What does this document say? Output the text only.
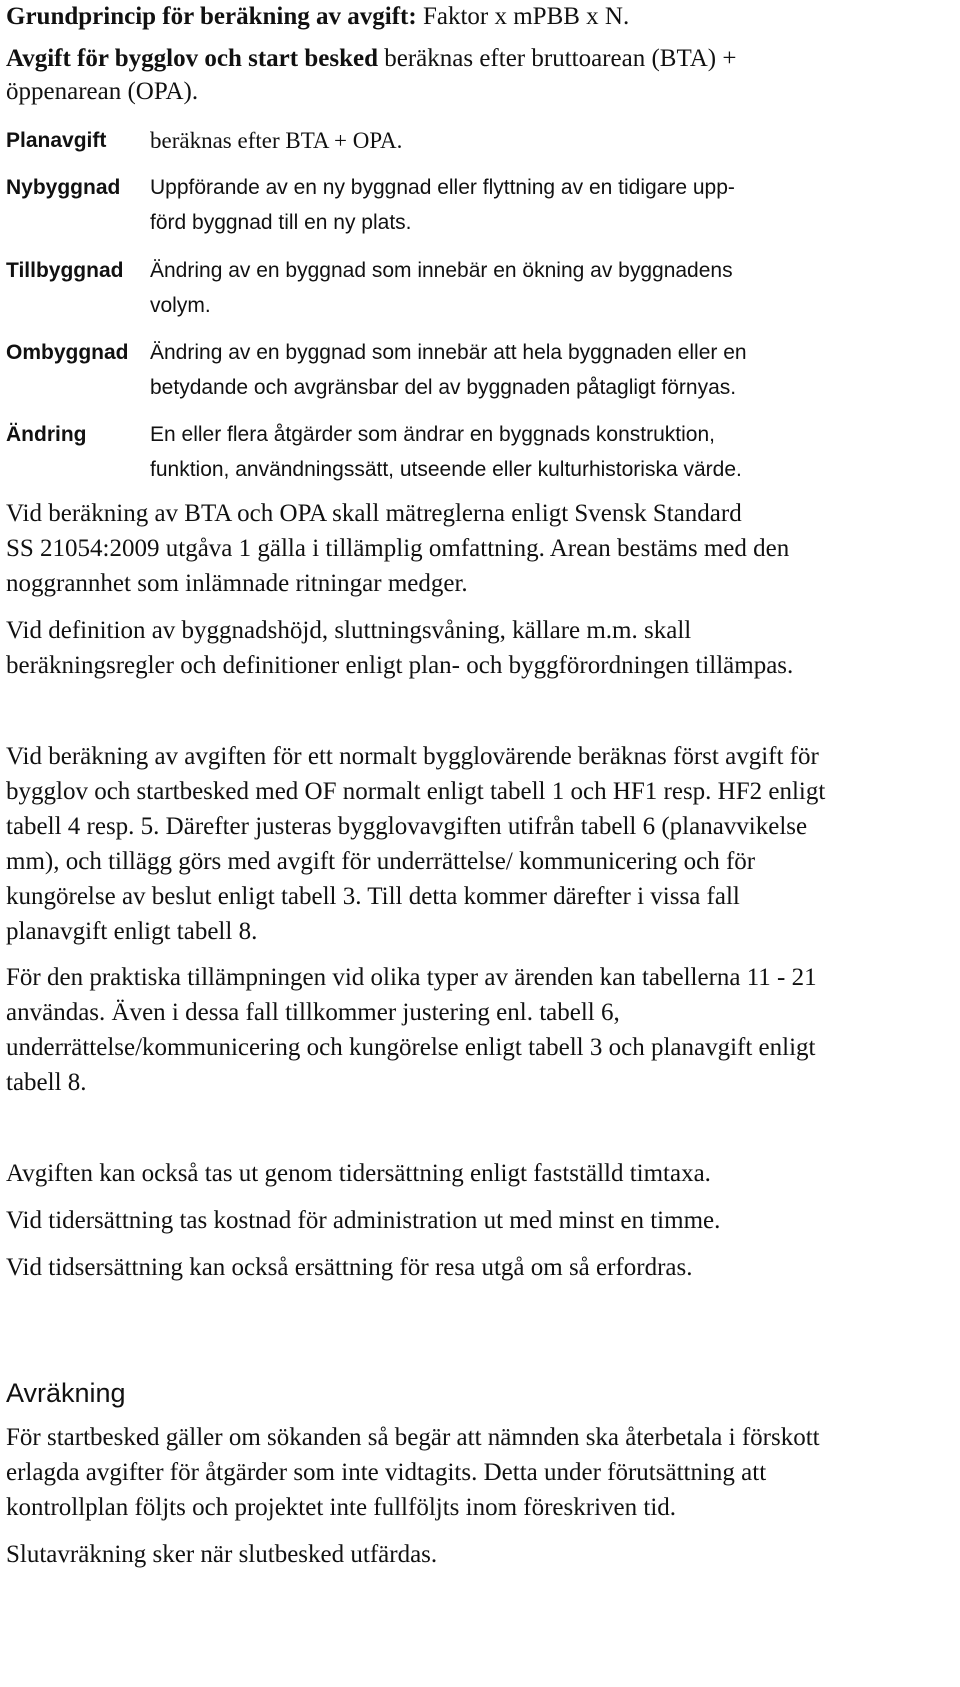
Grundprincip för beräkning av avgift: Faktor x mPBB x N.
Avgift för bygglov och start besked beräknas efter bruttoarean (BTA) +
öppenarean (OPA).
Planavgift beräknas efter BTA + OPA.
Nybyggnad Uppförande av en ny byggnad eller flyttning av en tidigare upp-
förd byggnad till en ny plats.
Tillbyggnad Ändring av en byggnad som innebär en ökning av byggnadens
volym.
Ombyggnad Ändring av en byggnad som innebär att hela byggnaden eller en
betydande och avgränsbar del av byggnaden påtagligt förnyas.
Ändring	En eller flera åtgärder som ändrar en byggnads konstruktion,
funktion, användningssätt, utseende eller kulturhistoriska värde.
Vid beräkning av BTA och OPA skall mätreglerna enligt Svensk Standard
SS 21054:2009 utgåva 1 gälla i tillämplig omfattning. Arean bestäms med den
noggrannhet som inlämnade ritningar medger.
Vid definition av byggnadshöjd, sluttningsvåning, källare m.m. skall
beräkningsregler och definitioner enligt plan- och byggförordningen tillämpas.
Vid beräkning av avgiften för ett normalt bygglovärende beräknas först avgift för
bygglov och startbesked med OF normalt enligt tabell 1 och HF1 resp. HF2 enligt
tabell 4 resp. 5. Därefter justeras bygglovavgiften utifrån tabell 6 (planavvikelse
mm), och tillägg görs med avgift för underrättelse/ kommunicering och för
kungörelse av beslut enligt tabell 3. Till detta kommer därefter i vissa fall
planavgift enligt tabell 8.
För den praktiska tillämpningen vid olika typer av ärenden kan tabellerna 11 - 21
användas. Även i dessa fall tillkommer justering enl. tabell 6,
underrättelse/kommunicering och kungörelse enligt tabell 3 och planavgift enligt
tabell 8.
Avgiften kan också tas ut genom tidersättning enligt fastställd timtaxa.
Vid tidersättning tas kostnad för administration ut med minst en timme.
Vid tidsersättning kan också ersättning för resa utgå om så erfordras.
Avräkning
För startbesked gäller om sökanden så begär att nämnden ska återbetala i förskott
erlagda avgifter för åtgärder som inte vidtagits. Detta under förutsättning att
kontrollplan följts och projektet inte fullföljts inom föreskriven tid.
Slutavräkning sker när slutbesked utfärdas.
